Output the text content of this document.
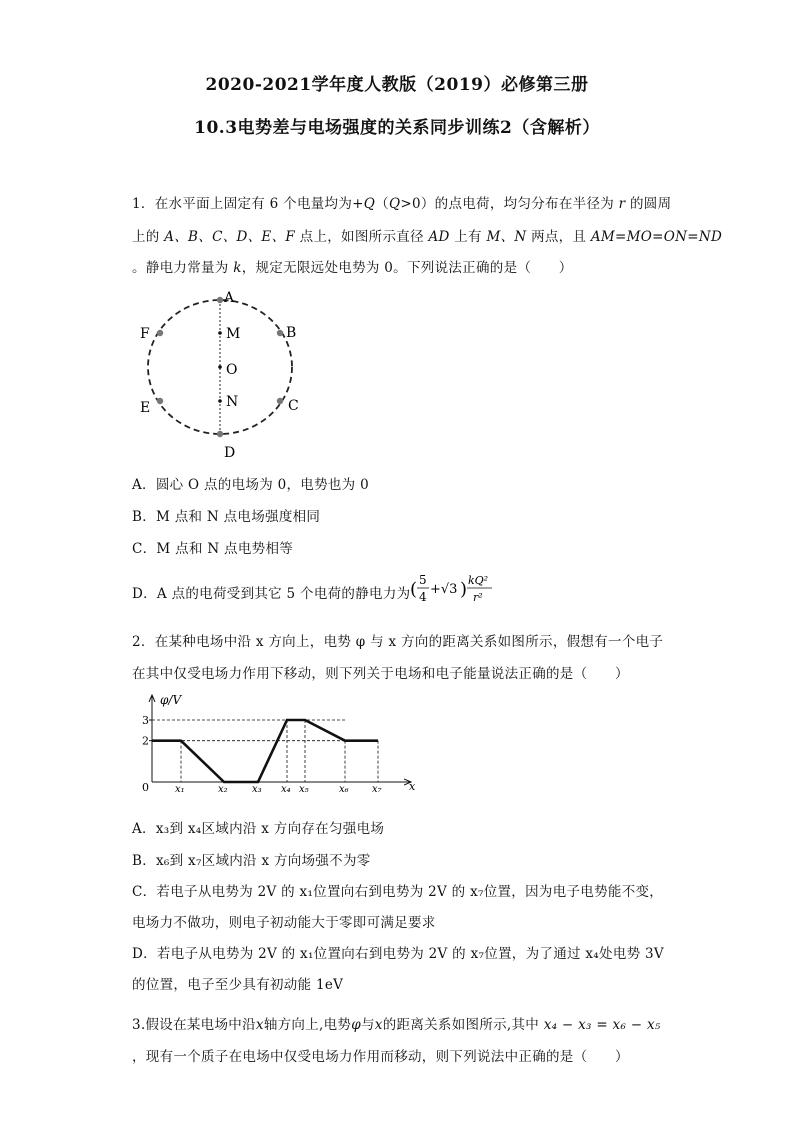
2020-2021学年度人教版（2019）必修第三册
10.3电势差与电场强度的关系同步训练2（含解析）
1．在水平面上固定有 6 个电量均为+Q（Q>0）的点电荷，均匀分布在半径为 r 的圆周
上的 A、B、C、D、E、F 点上，如图所示直径 AD 上有 M、N 两点，且 AM=MO=ON=ND
。静电力常量为 k，规定无限远处电势为 0。下列说法正确的是（　　）
A
D
B
C
F
E
M
O
N
A．圆心 O 点的电场为 0，电势也为 0
B．M 点和 N 点电场强度相同
C．M 点和 N 点电势相等
D．A 点的电荷受到其它 5 个电荷的静电力为 ( 5
4 +√3 ) kQ²
r²
2．在某种电场中沿 x 方向上，电势 φ 与 x 方向的距离关系如图所示，假想有一个电子
在其中仅受电场力作用下移动，则下列关于电场和电子能量说法正确的是（　　）
φ/V
x
0
2
3
x₁	x₂ x₃ x₄ x₅	x₆ x₇
A．x₃到 x₄区域内沿 x 方向存在匀强电场
B．x₆到 x₇区域内沿 x 方向场强不为零
C．若电子从电势为 2V 的 x₁位置向右到电势为 2V 的 x₇位置，因为电子电势能不变，
电场力不做功，则电子初动能大于零即可满足要求
D．若电子从电势为 2V 的 x₁位置向右到电势为 2V 的 x₇位置，为了通过 x₄处电势 3V
的位置，电子至少具有初动能 1eV
3.假设在某电场中沿x轴方向上,电势φ与x的距离关系如图所示,其中 x₄ − x₃ = x₆ − x₅
，现有一个质子在电场中仅受电场力作用而移动，则下列说法中正确的是（　　）
